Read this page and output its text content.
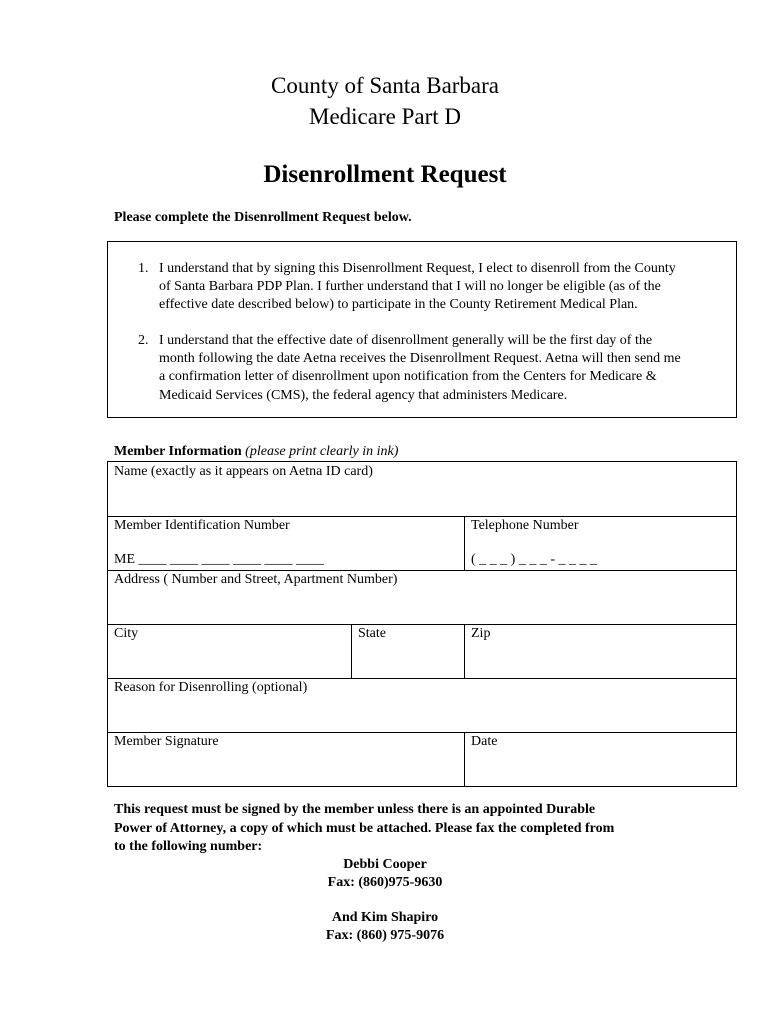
County of Santa Barbara
Medicare Part D
Disenrollment Request
Please complete the Disenrollment Request below.
1. I understand that by signing this Disenrollment Request, I elect to disenroll from the County
of Santa Barbara PDP Plan. I further understand that I will no longer be eligible (as of the
effective date described below) to participate in the County Retirement Medical Plan.
2. I understand that the effective date of disenrollment generally will be the first day of the
month following the date Aetna receives the Disenrollment Request. Aetna will then send me
a confirmation letter of disenrollment upon notification from the Centers for Medicare &
Medicaid Services (CMS), the federal agency that administers Medicare.
Member Information (please print clearly in ink)
Name (exactly as it appears on Aetna ID card)
Member Identification Number
ME ____ ____ ____ ____ ____ ____
Telephone Number
( _ _ _ ) _ _ _ - _ _ _ _
Address ( Number and Street, Apartment Number)
City	State	Zip
Reason for Disenrolling (optional)
Member Signature	Date
This request must be signed by the member unless there is an appointed Durable
Power of Attorney, a copy of which must be attached. Please fax the completed from
to the following number:
Debbi Cooper
Fax: (860)975-9630
And Kim Shapiro
Fax: (860) 975-9076
